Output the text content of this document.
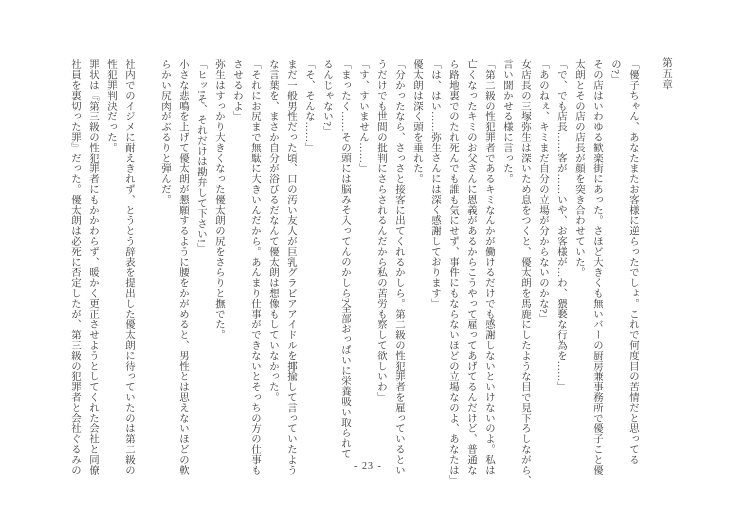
第五章

「優子ちゃん、あなたまたお客様に逆らったでしょ。これで何度目の苦情だと思ってる

の?」

その店はいわゆる歓楽街にあった。さほど大きくも無いバーの厨房兼事務所で優子こと優

太朗とその店の店長が顔を突き合わせていた。

「で、でも店長……客が……いや、お客様が…わ、猥褻な行為を……」

「あのねぇ、キミまだ自分の立場が分からないのかな?」

女店長の三塚弥生は深いため息をつくと、優太朗を馬鹿にしたような目で見下ろしながら、

言い聞かせる様に言った。

「第二級の性犯罪者であるキミなんかが働けるだけでも感謝しないといけないのよ。私は

亡くなったキミのお父さんに恩義があるからこうやって雇ってあげてるんだけど、普通な

ら路地裏でのたれ死んでも誰も気にせず、事件にもならないほどの立場なのよ、あなたは」

「は、はい……弥生さんには深く感謝しております」

優太朗は深く頭を垂れた。

「分かったなら、さっさと接客に出てくれるかしら。第二級の性犯罪者を雇っているとい

うだけでも世間の批判にさらされるんだから私の苦労も察して欲しいわ」

「す、すいません……」

「まったく……その頭には脳みそ入ってんのかしら?全部おっぱいに栄養吸い取られて

るんじゃない?」

「そ、そんな……」

まだ一般男性だった頃、口の汚い友人が巨乳グラビアアイドルを揶揄して言っていたよう

な言葉を、まさか自分が浴びるだなんて優太朗は想像もしていなかった。

「それにお尻まで無駄に大きいんだから。あんまり仕事ができないとそっちの方の仕事も

させるわよ」

弥生はすっかり大きくなった優太朗の尻をさらりと撫でた。

「ヒッ!そ、それだけは勘弁して下さい!」

小さな悲鳴を上げて優太朗が懇願するように腰をかがめると、男性とは思えないほどの軟

らかい尻肉がぶるりと弾んだ。

社内でのイジメに耐えきれず、とうとう辞表を提出した優太朗に待っていたのは第二級の

性犯罪判決だった。

罪状は『第三級の性犯罪者にもかかわらず、暖かく更正させようとしてくれた会社と同僚

社員を裏切った罪』だった。優太朗は必死に否定したが、第三級の犯罪者と会社ぐるみの	- 23 -
